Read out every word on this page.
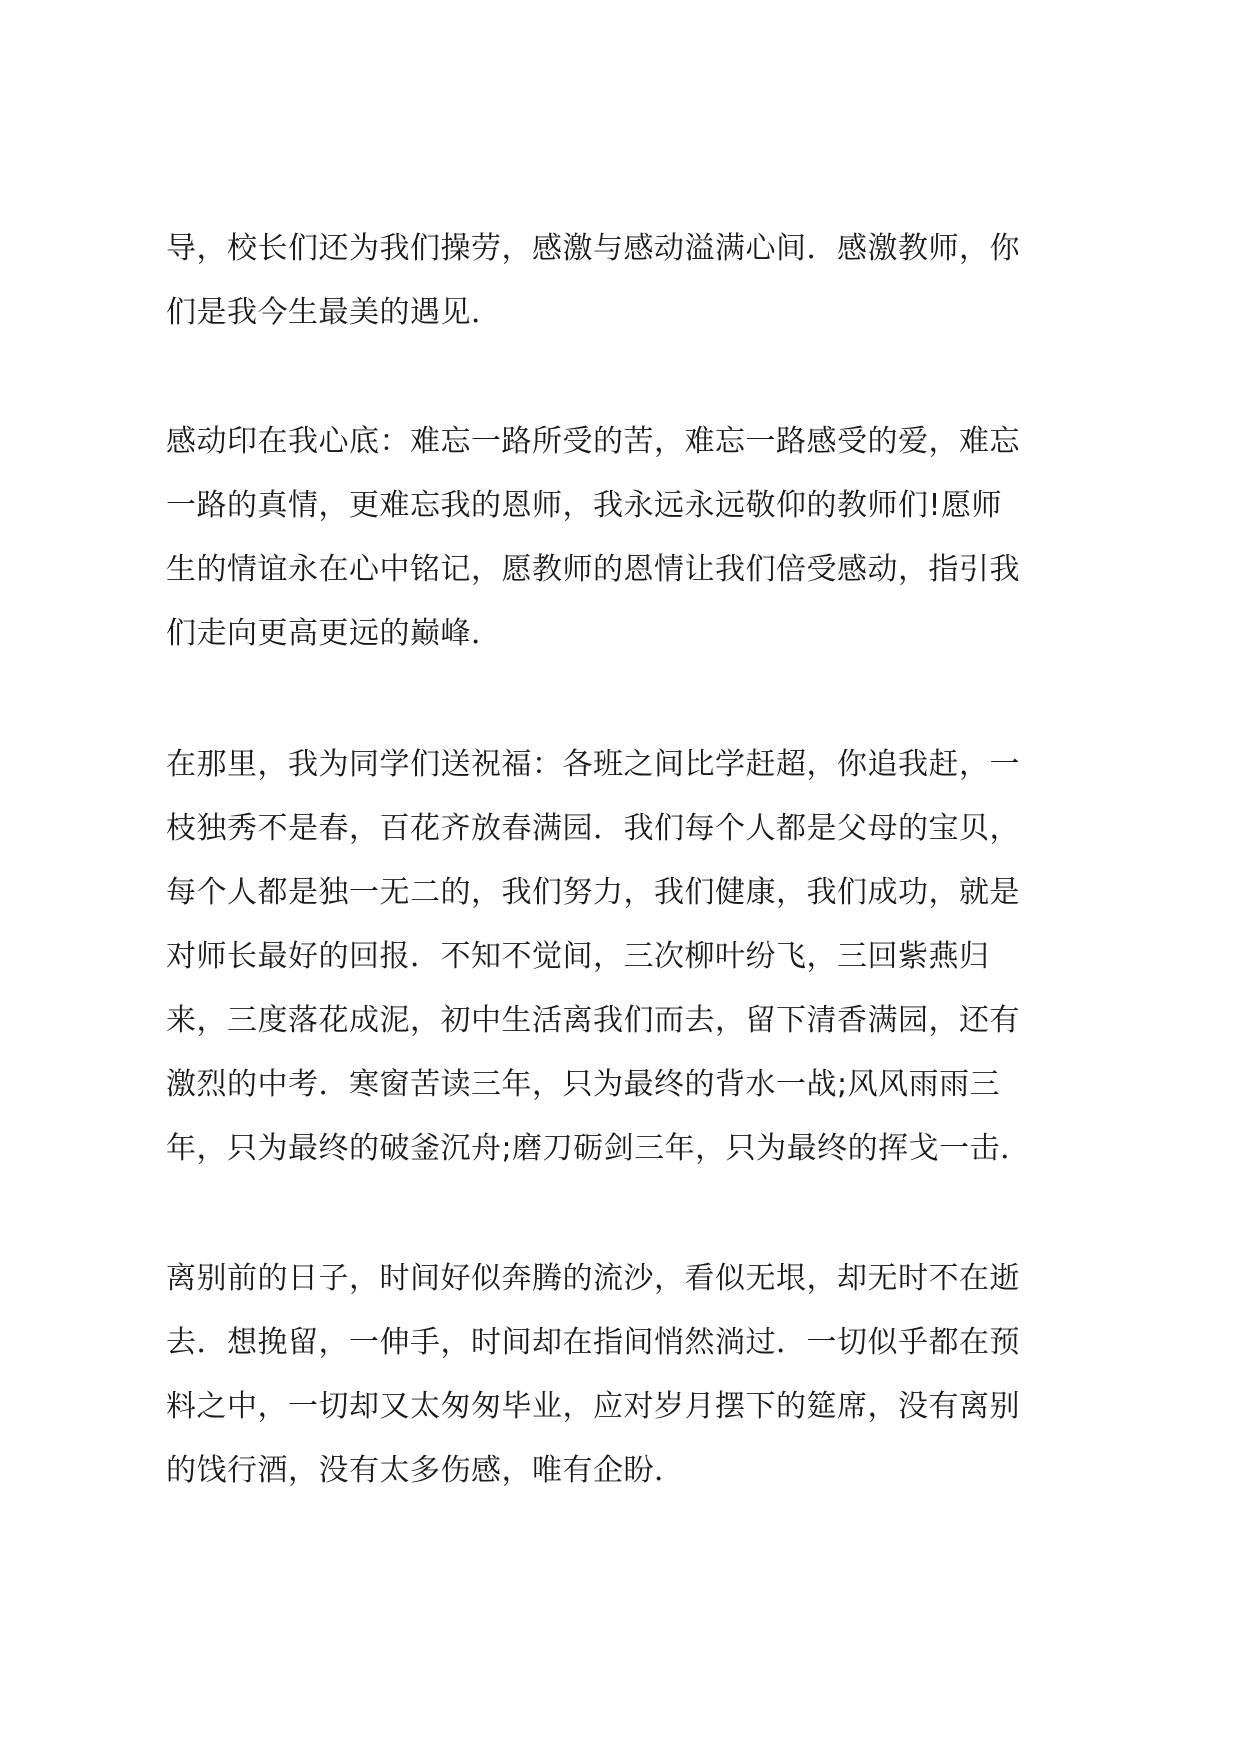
导，校长们还为我们操劳，感激与感动溢满心间．感激教师，你
们是我今生最美的遇见．
感动印在我心底：难忘一路所受的苦，难忘一路感受的爱，难忘
一路的真情，更难忘我的恩师，我永远永远敬仰的教师们!愿师
生的情谊永在心中铭记，愿教师的恩情让我们倍受感动，指引我
们走向更高更远的巅峰．
在那里，我为同学们送祝福：各班之间比学赶超，你追我赶，一
枝独秀不是春，百花齐放春满园．我们每个人都是父母的宝贝，
每个人都是独一无二的，我们努力，我们健康，我们成功，就是
对师长最好的回报．不知不觉间，三次柳叶纷飞，三回紫燕归
来，三度落花成泥，初中生活离我们而去，留下清香满园，还有
激烈的中考．寒窗苦读三年，只为最终的背水一战;风风雨雨三
年，只为最终的破釜沉舟;磨刀砺剑三年，只为最终的挥戈一击．
离别前的日子，时间好似奔腾的流沙，看似无垠，却无时不在逝
去．想挽留，一伸手，时间却在指间悄然淌过．一切似乎都在预
料之中，一切却又太匆匆毕业，应对岁月摆下的筵席，没有离别
的饯行酒，没有太多伤感，唯有企盼．
